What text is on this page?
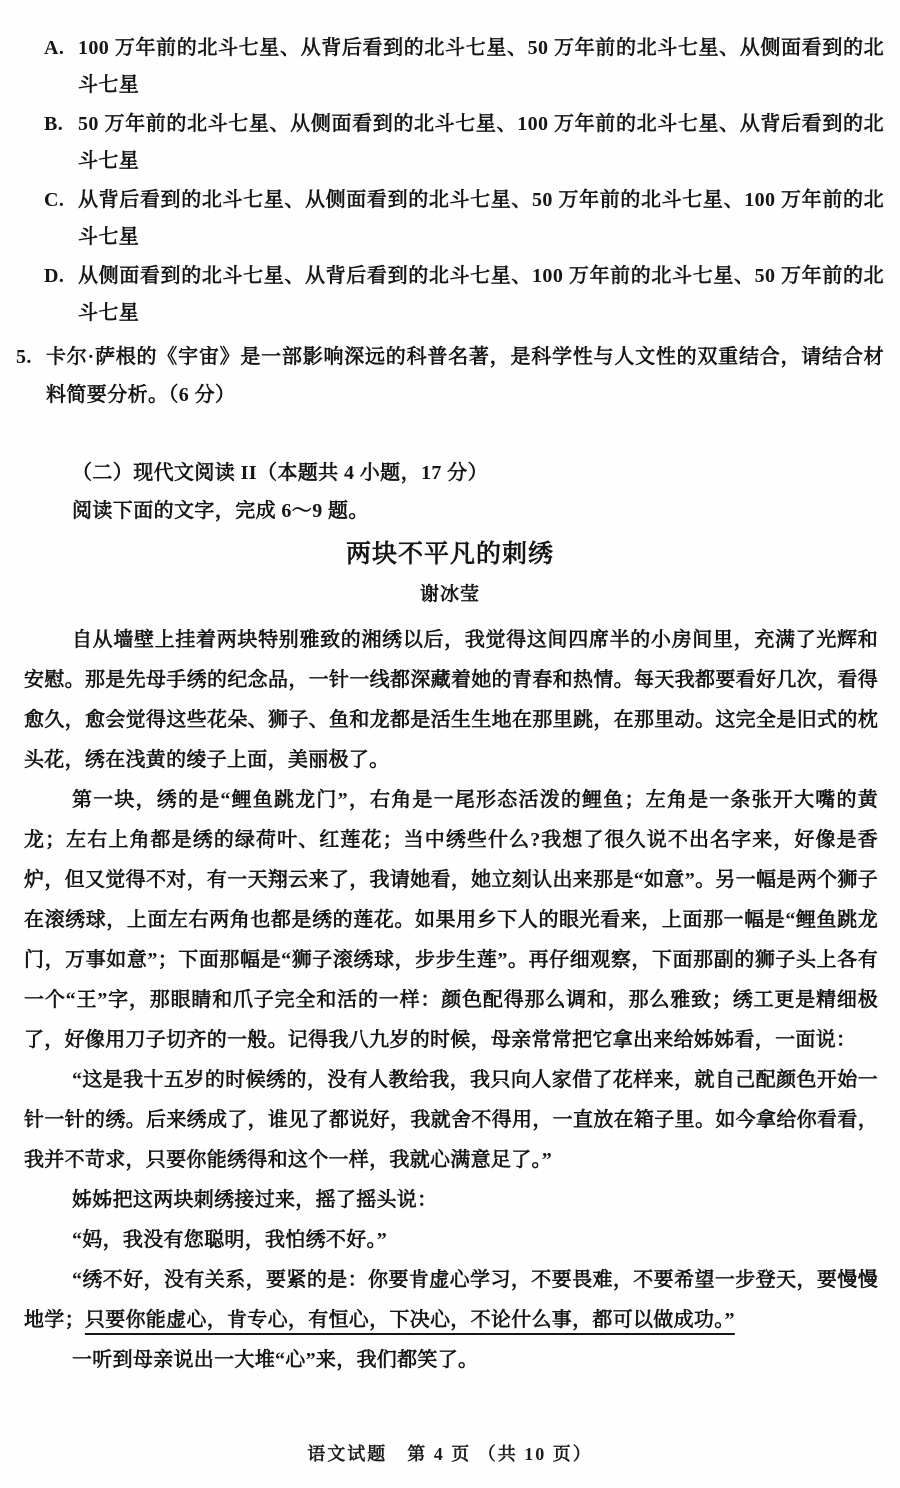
A. 100 万年前的北斗七星、从背后看到的北斗七星、50 万年前的北斗七星、从侧面看到的北斗七星
B. 50 万年前的北斗七星、从侧面看到的北斗七星、100 万年前的北斗七星、从背后看到的北斗七星
C. 从背后看到的北斗七星、从侧面看到的北斗七星、50 万年前的北斗七星、100 万年前的北斗七星
D. 从侧面看到的北斗七星、从背后看到的北斗七星、100 万年前的北斗七星、50 万年前的北斗七星
5. 卡尔·萨根的《宇宙》是一部影响深远的科普名著，是科学性与人文性的双重结合，请结合材料简要分析。（6 分）
（二）现代文阅读 II（本题共 4 小题，17 分）
阅读下面的文字，完成 6～9 题。
两块不平凡的刺绣
谢冰莹

自从墙壁上挂着两块特别雅致的湘绣以后，我觉得这间四席半的小房间里，充满了光辉和安慰。那是先母手绣的纪念品，一针一线都深藏着她的青春和热情。每天我都要看好几次，看得愈久，愈会觉得这些花朵、狮子、鱼和龙都是活生生地在那里跳，在那里动。这完全是旧式的枕头花，绣在浅黄的绫子上面，美丽极了。

第一块，绣的是“鲤鱼跳龙门”，右角是一尾形态活泼的鲤鱼；左角是一条张开大嘴的黄龙；左右上角都是绣的绿荷叶、红莲花；当中绣些什么?我想了很久说不出名字来，好像是香炉，但又觉得不对，有一天翔云来了，我请她看，她立刻认出来那是“如意”。另一幅是两个狮子在滚绣球，上面左右两角也都是绣的莲花。如果用乡下人的眼光看来，上面那一幅是“鲤鱼跳龙门，万事如意”；下面那幅是“狮子滚绣球，步步生莲”。再仔细观察，下面那副的狮子头上各有一个“王”字，那眼睛和爪子完全和活的一样：颜色配得那么调和，那么雅致；绣工更是精细极了，好像用刀子切齐的一般。记得我八九岁的时候，母亲常常把它拿出来给姊姊看，一面说：

“这是我十五岁的时候绣的，没有人教给我，我只向人家借了花样来，就自己配颜色开始一针一针的绣。后来绣成了，谁见了都说好，我就舍不得用，一直放在箱子里。如今拿给你看看，我并不苛求，只要你能绣得和这个一样，我就心满意足了。”

姊姊把这两块刺绣接过来，摇了摇头说：

“妈，我没有您聪明，我怕绣不好。”

“绣不好，没有关系，要紧的是：你要肯虚心学习，不要畏难，不要希望一步登天，要慢慢地学；只要你能虚心，肯专心，有恒心，下决心，不论什么事，都可以做成功。”

一听到母亲说出一大堆“心”来，我们都笑了。

语文试题　第 4 页 （共 10 页）
